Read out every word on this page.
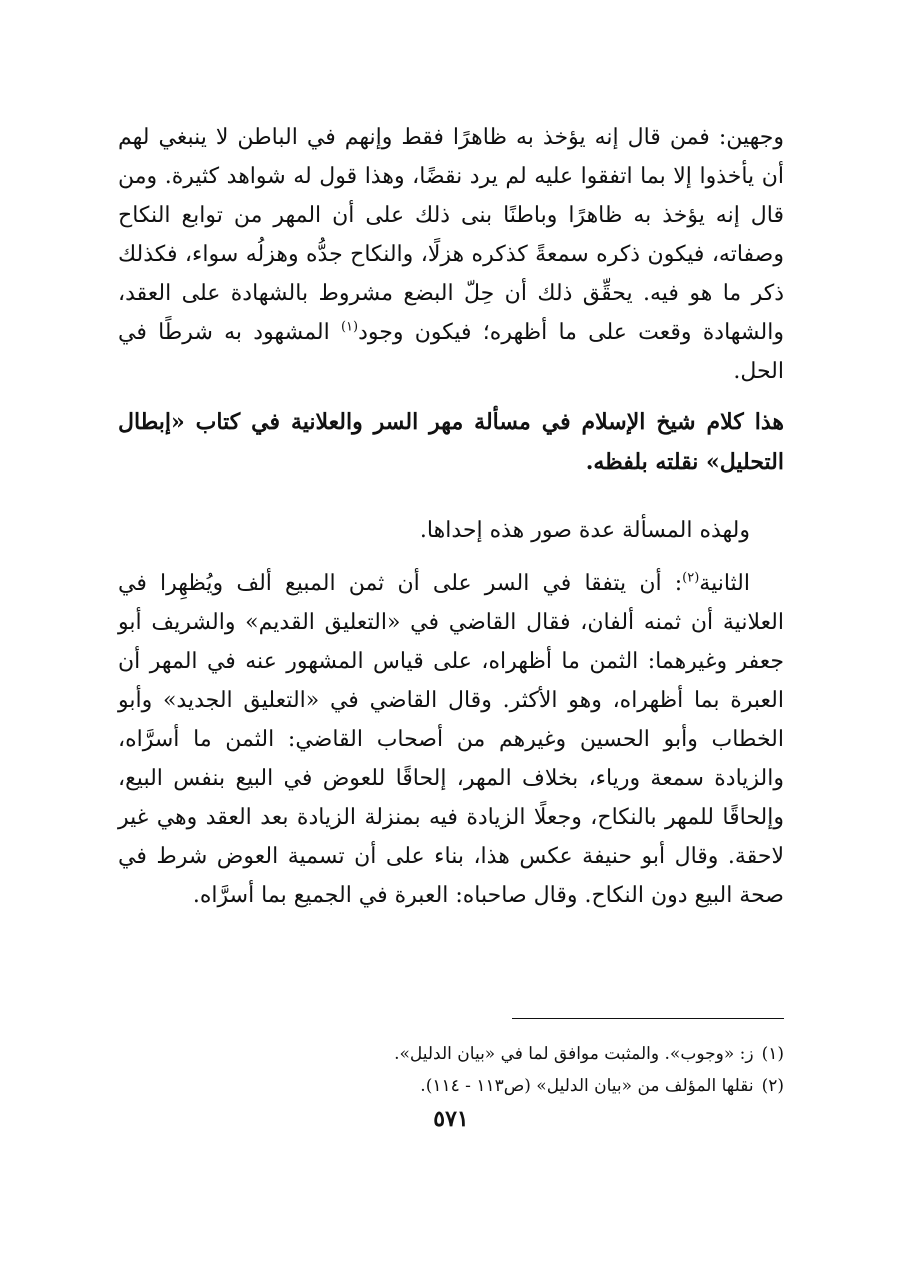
وجهين: فمن قال إنه يؤخذ به ظاهرًا فقط وإنهم في الباطن لا ينبغي لهم أن يأخذوا إلا بما اتفقوا عليه لم يرد نقضًا، وهذا قول له شواهد كثيرة. ومن قال إنه يؤخذ به ظاهرًا وباطنًا بنى ذلك على أن المهر من توابع النكاح وصفاته، فيكون ذكره سمعةً كذكره هزلًا، والنكاح جدُّه وهزلُه سواء، فكذلك ذكر ما هو فيه. يحقِّق ذلك أن حِلّ البضع مشروط بالشهادة على العقد، والشهادة وقعت على ما أظهره؛ فيكون وجود$^{(١)}$ المشهود به شرطًا في الحل.

هذا كلام شيخ الإسلام في مسألة مهر السر والعلانية في كتاب «إبطال التحليل» نقلته بلفظه.

ولهذه المسألة عدة صور هذه إحداها.

الثانية$^{(٢)}$: أن يتفقا في السر على أن ثمن المبيع ألف ويُظهِرا في العلانية أن ثمنه ألفان، فقال القاضي في «التعليق القديم» والشريف أبو جعفر وغيرهما: الثمن ما أظهراه، على قياس المشهور عنه في المهر أن العبرة بما أظهراه، وهو الأكثر. وقال القاضي في «التعليق الجديد» وأبو الخطاب وأبو الحسين وغيرهم من أصحاب القاضي: الثمن ما أسرَّاه، والزيادة سمعة ورياء، بخلاف المهر، إلحاقًا للعوض في البيع بنفس البيع، وإلحاقًا للمهر بالنكاح، وجعلًا الزيادة فيه بمنزلة الزيادة بعد العقد وهي غير لاحقة. وقال أبو حنيفة عكس هذا، بناء على أن تسمية العوض شرط في صحة البيع دون النكاح. وقال صاحباه: العبرة في الجميع بما أسرَّاه.

(١)ز: «وجوب». والمثبت موافق لما في «بيان الدليل».
(٢)نقلها المؤلف من «بيان الدليل» (ص١١٣ - ١١٤).
٥٧١
